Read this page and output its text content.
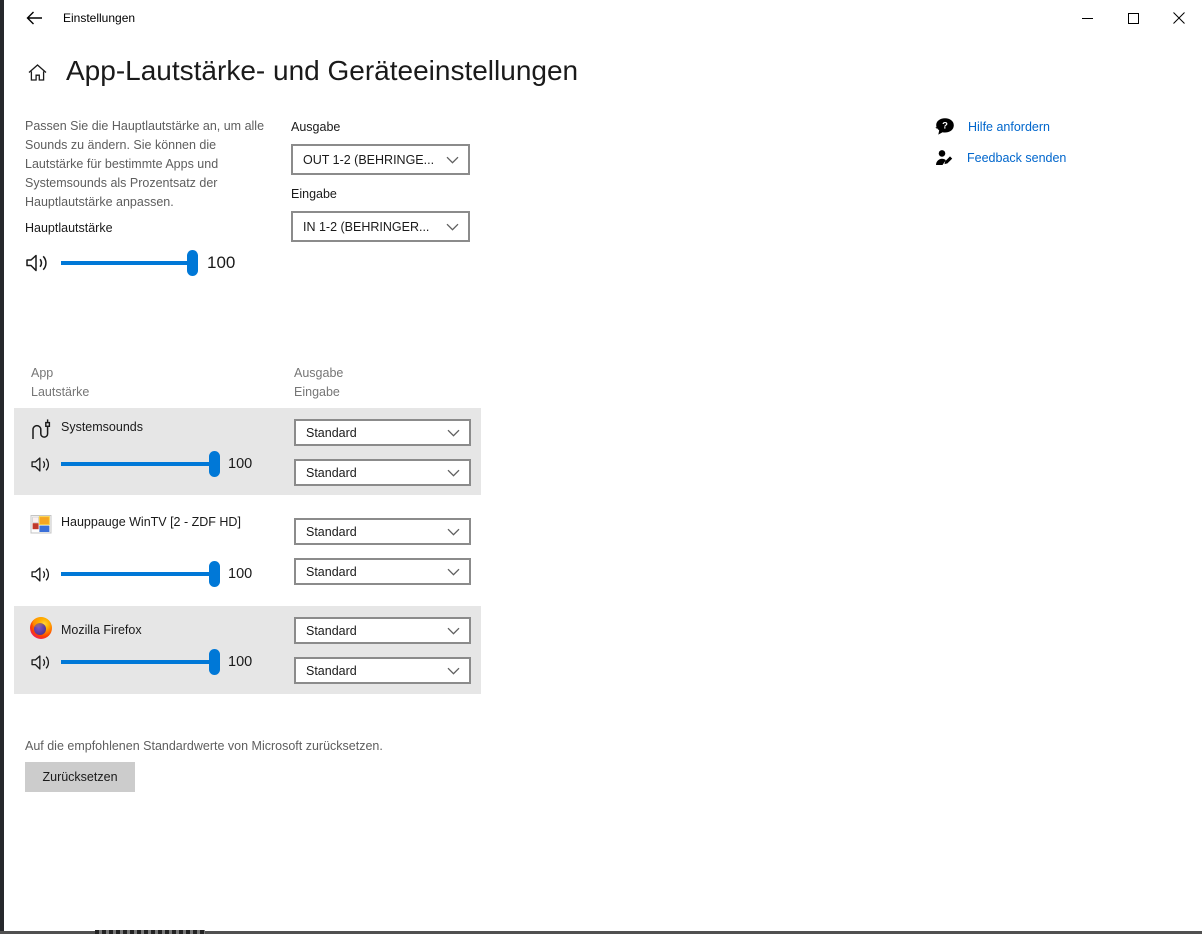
Einstellungen
App-Lautstärke- und Geräteeinstellungen

Passen Sie die Hauptlautstärke an, um alle Sounds zu ändern. Sie können die Lautstärke für bestimmte Apps und Systemsounds als Prozentsatz der Hauptlautstärke anpassen.

Hauptlautstärke
100
Ausgabe
OUT 1-2 (BEHRINGE...
Eingabe
IN 1-2 (BEHRINGER...
? Hilfe anfordern
Feedback senden
App
Lautstärke
Ausgabe
Eingabe
Systemsounds
100
Standard
Standard
Hauppauge WinTV [2 - ZDF HD]
100
Standard
Standard
Mozilla Firefox
100
Standard
Standard
Auf die empfohlenen Standardwerte von Microsoft zurücksetzen.
Zurücksetzen
